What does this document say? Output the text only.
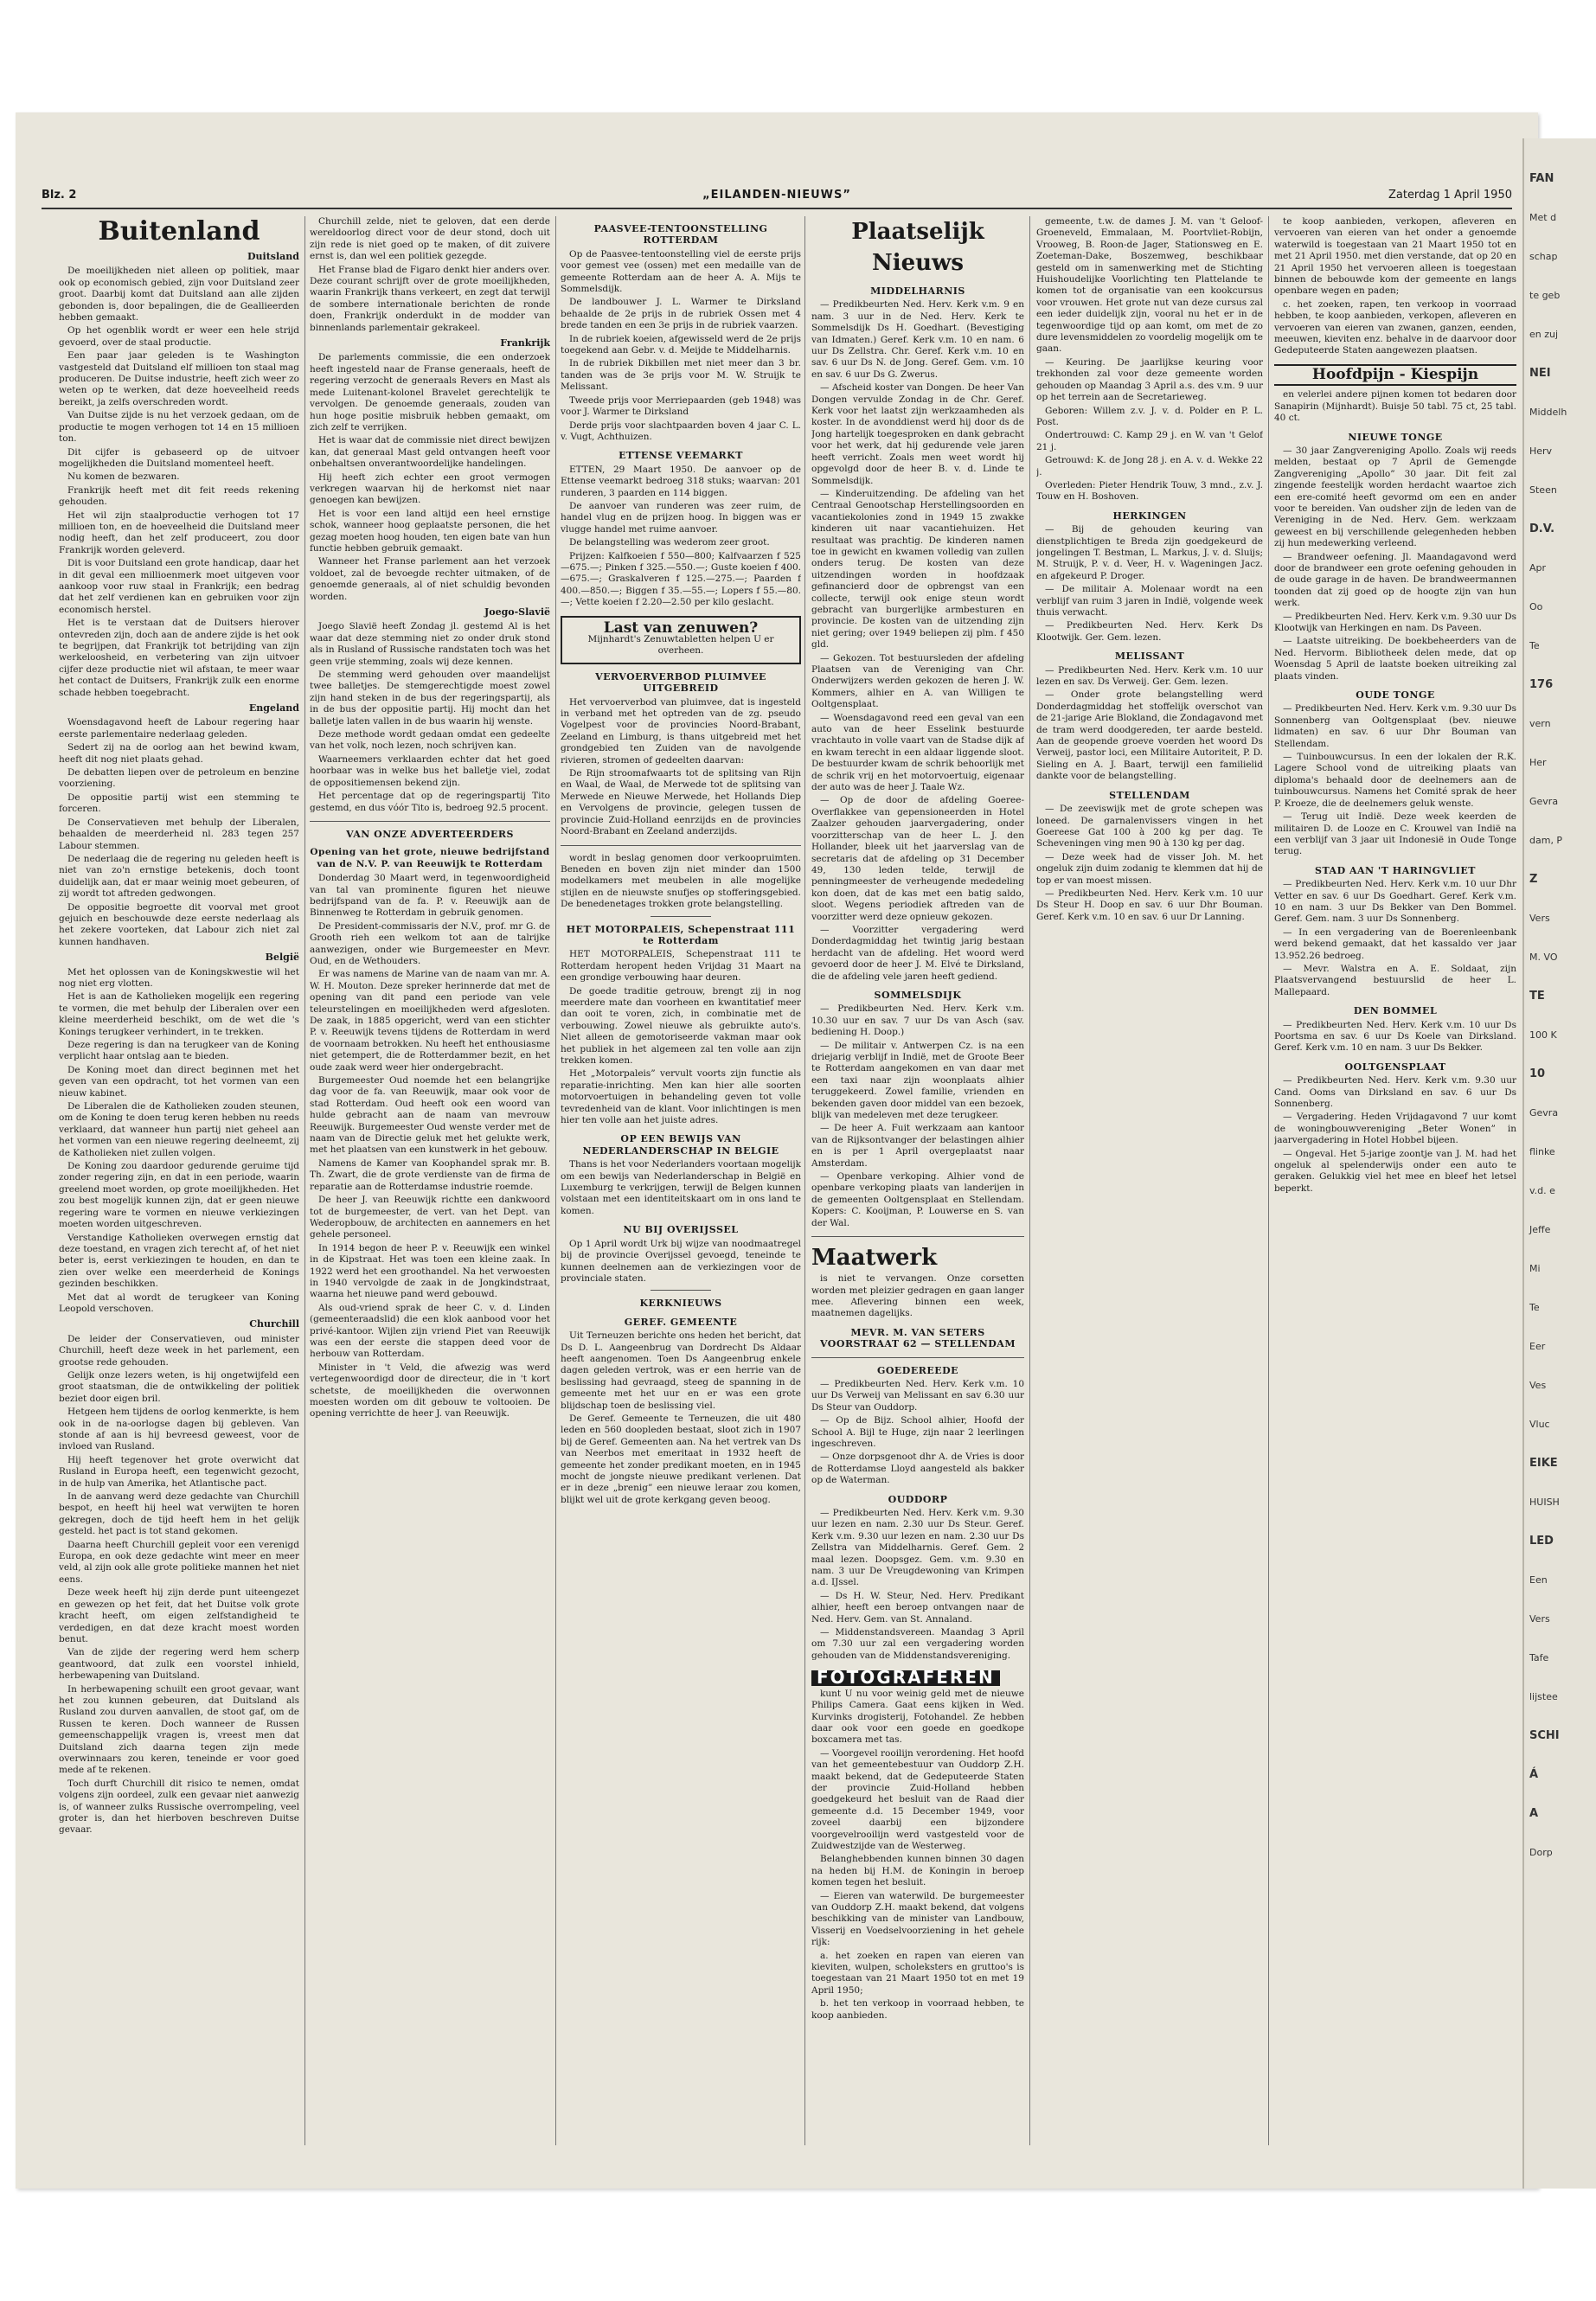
Blz. 2	„EILANDEN-NIEUWS”	Zaterdag 1 April 1950
Buitenland
Duitsland

De moeilijkheden niet alleen op politiek, maar ook op economisch gebied, zijn voor Duitsland zeer groot. Daarbij komt dat Duitsland aan alle zijden gebonden is, door bepalingen, die de Geallieerden hebben gemaakt.

Op het ogenblik wordt er weer een hele strijd gevoerd, over de staal productie.

Een paar jaar geleden is te Washington vastgesteld dat Duitsland elf millioen ton staal mag produceren. De Duitse industrie, heeft zich weer zo weten op te werken, dat deze hoeveelheid reeds bereikt, ja zelfs overschreden wordt.

Van Duitse zijde is nu het verzoek gedaan, om de productie te mogen verhogen tot 14 en 15 millioen ton.

Dit cijfer is gebaseerd op de uitvoer mogelijkheden die Duitsland momenteel heeft.

Nu komen de bezwaren.

Frankrijk heeft met dit feit reeds rekening gehouden.

Het wil zijn staalproductie verhogen tot 17 millioen ton, en de hoeveelheid die Duitsland meer nodig heeft, dan het zelf produceert, zou door Frankrijk worden geleverd.

Dit is voor Duitsland een grote handicap, daar het in dit geval een millioenmerk moet uitgeven voor aankoop voor ruw staal in Frankrijk; een bedrag dat het zelf verdienen kan en gebruiken voor zijn economisch herstel.

Het is te verstaan dat de Duitsers hierover ontevreden zijn, doch aan de andere zijde is het ook te begrijpen, dat Frankrijk tot betrijding van zijn werkeloosheid, en verbetering van zijn uitvoer cijfer deze productie niet wil afstaan, te meer waar het contact de Duitsers, Frankrijk zulk een enorme schade hebben toegebracht.

Engeland

Woensdagavond heeft de Labour regering haar eerste parlementaire nederlaag geleden.

Sedert zij na de oorlog aan het bewind kwam, heeft dit nog niet plaats gehad.

De debatten liepen over de petroleum en benzine voorziening.

De oppositie partij wist een stemming te forceren.

De Conservatieven met behulp der Liberalen, behaalden de meerderheid nl. 283 tegen 257 Labour stemmen.

De nederlaag die de regering nu geleden heeft is niet van zo'n ernstige betekenis, doch toont duidelijk aan, dat er maar weinig moet gebeuren, of zij wordt tot aftreden gedwongen.

De oppositie begroette dit voorval met groot gejuich en beschouwde deze eerste nederlaag als het zekere voorteken, dat Labour zich niet zal kunnen handhaven.

België

Met het oplossen van de Koningskwestie wil het nog niet erg vlotten.

Het is aan de Katholieken mogelijk een regering te vormen, die met behulp der Liberalen over een kleine meerderheid beschikt, om de wet die 's Konings terugkeer verhindert, in te trekken.

Deze regering is dan na terugkeer van de Koning verplicht haar ontslag aan te bieden.

De Koning moet dan direct beginnen met het geven van een opdracht, tot het vormen van een nieuw kabinet.

De Liberalen die de Katholieken zouden steunen, om de Koning te doen terug keren hebben nu reeds verklaard, dat wanneer hun partij niet geheel aan het vormen van een nieuwe regering deelneemt, zij de Katholieken niet zullen volgen.

De Koning zou daardoor gedurende geruime tijd zonder regering zijn, en dat in een periode, waarin greelend moet worden, op grote moeilijkheden. Het zou best mogelijk kunnen zijn, dat er geen nieuwe regering ware te vormen en nieuwe verkiezingen moeten worden uitgeschreven.

Verstandige Katholieken overwegen ernstig dat deze toestand, en vragen zich terecht af, of het niet beter is, eerst verkiezingen te houden, en dan te zien over welke een meerderheid de Konings gezinden beschikken.

Met dat al wordt de terugkeer van Koning Leopold verschoven.

Churchill

De leider der Conservatieven, oud minister Churchill, heeft deze week in het parlement, een grootse rede gehouden.

Gelijk onze lezers weten, is hij ongetwijfeld een groot staatsman, die de ontwikkeling der politiek beziet door eigen bril.

Hetgeen hem tijdens de oorlog kenmerkte, is hem ook in de na-oorlogse dagen bij gebleven. Van stonde af aan is hij bevreesd geweest, voor de invloed van Rusland.

Hij heeft tegenover het grote overwicht dat Rusland in Europa heeft, een tegenwicht gezocht, in de hulp van Amerika, het Atlantische pact.

In de aanvang werd deze gedachte van Churchill bespot, en heeft hij heel wat verwijten te horen gekregen, doch de tijd heeft hem in het gelijk gesteld. het pact is tot stand gekomen.

Daarna heeft Churchill gepleit voor een verenigd Europa, en ook deze gedachte wint meer en meer veld, al zijn ook alle grote politieke mannen het niet eens.

Deze week heeft hij zijn derde punt uiteengezet en gewezen op het feit, dat het Duitse volk grote kracht heeft, om eigen zelfstandigheid te verdedigen, en dat deze kracht moest worden benut.

Van de zijde der regering werd hem scherp geantwoord, dat zulk een voorstel inhield, herbewapening van Duitsland.

In herbewapening schuilt een groot gevaar, want het zou kunnen gebeuren, dat Duitsland als Rusland zou durven aanvallen, de stoot gaf, om de Russen te keren. Doch wanneer de Russen gemeenschappelijk vragen is, vreest men dat Duitsland zich daarna tegen zijn mede overwinnaars zou keren, teneinde er voor goed mede af te rekenen.

Toch durft Churchill dit risico te nemen, omdat volgens zijn oordeel, zulk een gevaar niet aanwezig is, of wanneer zulks Russische overrompeling, veel groter is, dan het hierboven beschreven Duitse gevaar.

Churchill zelde, niet te geloven, dat een derde wereldoorlog direct voor de deur stond, doch uit zijn rede is niet goed op te maken, of dit zuivere ernst is, dan wel een politiek gezegde.

Het Franse blad de Figaro denkt hier anders over. Deze courant schrijft over de grote moeilijkheden, waarin Frankrijk thans verkeert, en zegt dat terwijl de sombere internationale berichten de ronde doen, Frankrijk onderdukt in de modder van binnenlands parlementair gekrakeel.

Frankrijk

De parlements commissie, die een onderzoek heeft ingesteld naar de Franse generaals, heeft de regering verzocht de generaals Revers en Mast als mede Luitenant-kolonel Bravelet gerechtelijk te vervolgen. De genoemde generaals, zouden van hun hoge positie misbruik hebben gemaakt, om zich zelf te verrijken.

Het is waar dat de commissie niet direct bewijzen kan, dat generaal Mast geld ontvangen heeft voor onbehaltsen onverantwoordelijke handelingen.

Hij heeft zich echter een groot vermogen verkregen waarvan hij de herkomst niet naar genoegen kan bewijzen.

Het is voor een land altijd een heel ernstige schok, wanneer hoog geplaatste personen, die het gezag moeten hoog houden, ten eigen bate van hun functie hebben gebruik gemaakt.

Wanneer het Franse parlement aan het verzoek voldoet, zal de bevoegde rechter uitmaken, of de genoemde generaals, al of niet schuldig bevonden worden.

Joego-Slavië

Joego Slavië heeft Zondag jl. gestemd Al is het waar dat deze stemming niet zo onder druk stond als in Rusland of Russische randstaten toch was het geen vrije stemming, zoals wij deze kennen.

De stemming werd gehouden over maandelijst twee balletjes. De stemgerechtigde moest zowel zijn hand steken in de bus der regeringspartij, als in de bus der oppositie partij. Hij mocht dan het balletje laten vallen in de bus waarin hij wenste.

Deze methode wordt gedaan omdat een gedeelte van het volk, noch lezen, noch schrijven kan.

Waarneemers verklaarden echter dat het goed hoorbaar was in welke bus het balletje viel, zodat de oppositiemensen bekend zijn.

Het percentage dat op de regeringspartij Tito gestemd, en dus vóór Tito is, bedroeg 92.5 procent.

VAN ONZE ADVERTEERDERS
Opening van het grote, nieuwe bedrijfstand van de N.V. P. van Reeuwijk te Rotterdam

Donderdag 30 Maart werd, in tegenwoordigheid van tal van prominente figuren het nieuwe bedrijfspand van de fa. P. v. Reeuwijk aan de Binnenweg te Rotterdam in gebruik genomen.

De President-commissaris der N.V., prof. mr G. de Grooth rieh een welkom tot aan de talrijke aanwezigen, onder wie Burgemeester en Mevr. Oud, en de Wethouders.

Er was namens de Marine van de naam van mr. A. W. H. Mouton. Deze spreker herinnerde dat met de opening van dit pand een periode van vele teleurstelingen en moeilijkheden werd afgesloten. De zaak, in 1885 opgericht, werd van een stichter P. v. Reeuwijk tevens tijdens de Rotterdam in werd de voornaam betrokken. Nu heeft het enthousiasme niet getempert, die de Rotterdammer bezit, en het oude zaak werd weer hier ondergebracht.

Burgemeester Oud noemde het een belangrijke dag voor de fa. van Reeuwijk, maar ook voor de stad Rotterdam. Oud heeft ook een woord van hulde gebracht aan de naam van mevrouw Reeuwijk. Burgemeester Oud wenste verder met de naam van de Directie geluk met het gelukte werk, met het plaatsen van een kunstwerk in het gebouw.

Namens de Kamer van Koophandel sprak mr. B. Th. Zwart, die de grote verdienste van de firma de reparatie aan de Rotterdamse industrie roemde.

De heer J. van Reeuwijk richtte een dankwoord tot de burgemeester, de vert. van het Dept. van Wederopbouw, de architecten en aannemers en het gehele personeel.

In 1914 begon de heer P. v. Reeuwijk een winkel in de Kipstraat. Het was toen een kleine zaak. In 1922 werd het een groothandel. Na het verwoesten in 1940 vervolgde de zaak in de Jongkindstraat, waarna het nieuwe pand werd gebouwd.

Als oud-vriend sprak de heer C. v. d. Linden (gemeenteraadslid) die een klok aanbood voor het privé-kantoor. Wijlen zijn vriend Piet van Reeuwijk was een der eerste die stappen deed voor de herbouw van Rotterdam.

Minister in 't Veld, die afwezig was werd vertegenwoordigd door de directeur, die in 't kort schetste, de moeilijkheden die overwonnen moesten worden om dit gebouw te voltooien. De opening verrichtte de heer J. van Reeuwijk.

PAASVEE-TENTOONSTELLING ROTTERDAM

Op de Paasvee-tentoonstelling viel de eerste prijs voor gemest vee (ossen) met een medaille van de gemeente Rotterdam aan de heer A. A. Mijs te Sommelsdijk.

De landbouwer J. L. Warmer te Dirksland behaalde de 2e prijs in de rubriek Ossen met 4 brede tanden en een 3e prijs in de rubriek vaarzen.

In de rubriek koeien, afgewisseld werd de 2e prijs toegekend aan Gebr. v. d. Meijde te Middelharnis.

In de rubriek Dikbillen met niet meer dan 3 br. tanden was de 3e prijs voor M. W. Struijk te Melissant.

Tweede prijs voor Merriepaarden (geb 1948) was voor J. Warmer te Dirksland

Derde prijs voor slachtpaarden boven 4 jaar C. L. v. Vugt, Achthuizen.

ETTENSE VEEMARKT

ETTEN, 29 Maart 1950. De aanvoer op de Ettense veemarkt bedroeg 318 stuks; waarvan: 201 runderen, 3 paarden en 114 biggen.

De aanvoer van runderen was zeer ruim, de handel vlug en de prijzen hoog. In biggen was er vlugge handel met ruime aanvoer.

De belangstelling was wederom zeer groot.

Prijzen: Kalfkoeien f 550—800; Kalfvaarzen f 525—675.—; Pinken f 325.—550.—; Guste koeien f 400.—675.—; Graskalveren f 125.—275.—; Paarden f 400.—850.—; Biggen f 35.—55.—; Lopers f 55.—80.—; Vette koeien f 2.20—2.50 per kilo geslacht.

Last van zenuwen?
Mijnhardt's Zenuwtabletten helpen U er overheen.
VERVOERVERBOD PLUIMVEE UITGEBREID

Het vervoerverbod van pluimvee, dat is ingesteld in verband met het optreden van de zg. pseudo Vogelpest voor de provincies Noord-Brabant, Zeeland en Limburg, is thans uitgebreid met het grondgebied ten Zuiden van de navolgende rivieren, stromen of gedeelten daarvan:

De Rijn stroomafwaarts tot de splitsing van Rijn en Waal, de Waal, de Merwede tot de splitsing van Merwede en Nieuwe Merwede, het Hollands Diep en Vervolgens de provincie, gelegen tussen de provincie Zuid-Holland eenrzijds en de provincies Noord-Brabant en Zeeland anderzijds.

wordt in beslag genomen door verkoopruimten. Beneden en boven zijn niet minder dan 1500 modelkamers met meubelen in alle mogelijke stijlen en de nieuwste snufjes op stofferingsgebied. De benedenetages trokken grote belangstelling.

HET MOTORPALEIS, Schepenstraat 111 te Rotterdam

HET MOTORPALEIS, Schepenstraat 111 te Rotterdam heropent heden Vrijdag 31 Maart na een grondige verbouwing haar deuren.

De goede traditie getrouw, brengt zij in nog meerdere mate dan voorheen en kwantitatief meer dan ooit te voren, zich, in combinatie met de verbouwing. Zowel nieuwe als gebruikte auto's. Niet alleen de gemotoriseerde vakman maar ook het publiek in het algemeen zal ten volle aan zijn trekken komen.

Het „Motorpaleis” vervult voorts zijn functie als reparatie-inrichting. Men kan hier alle soorten motorvoertuigen in behandeling geven tot volle tevredenheid van de klant. Voor inlichtingen is men hier ten volle aan het juiste adres.

OP EEN BEWIJS VAN NEDERLANDERSCHAP IN BELGIE

Thans is het voor Nederlanders voortaan mogelijk om een bewijs van Nederlanderschap in België en Luxemburg te verkrijgen, terwijl de Belgen kunnen volstaan met een identiteitskaart om in ons land te komen.

NU BIJ OVERIJSSEL

Op 1 April wordt Urk bij wijze van noodmaatregel bij de provincie Overijssel gevoegd, teneinde te kunnen deelnemen aan de verkiezingen voor de provinciale staten.

KERKNIEUWS
GEREF. GEMEENTE

Uit Terneuzen berichte ons heden het bericht, dat Ds D. L. Aangeenbrug van Dordrecht Ds Aldaar heeft aangenomen. Toen Ds Aangeenbrug enkele dagen geleden vertrok, was er een herrie van de beslissing had gevraagd, steeg de spanning in de gemeente met het uur en er was een grote blijdschap toen de beslissing viel.

De Geref. Gemeente te Terneuzen, die uit 480 leden en 560 doopleden bestaat, sloot zich in 1907 bij de Geref. Gemeenten aan. Na het vertrek van Ds van Neerbos met emeritaat in 1932 heeft de gemeente het zonder predikant moeten, en in 1945 mocht de jongste nieuwe predikant verlenen. Dat er in deze „brenig” een nieuwe leraar zou komen, blijkt wel uit de grote kerkgang geven beoog.

Plaatselijk Nieuws
MIDDELHARNIS

— Predikbeurten Ned. Herv. Kerk v.m. 9 en nam. 3 uur in de Ned. Herv. Kerk te Sommelsdijk Ds H. Goedhart. (Bevestiging van Idmaten.) Geref. Kerk v.m. 10 en nam. 6 uur Ds Zellstra. Chr. Geref. Kerk v.m. 10 en sav. 6 uur Ds N. de Jong. Geref. Gem. v.m. 10 en sav. 6 uur Ds G. Zwerus.

— Afscheid koster van Dongen. De heer Van Dongen vervulde Zondag in de Chr. Geref. Kerk voor het laatst zijn werkzaamheden als koster. In de avonddienst werd hij door ds de Jong hartelijk toegesproken en dank gebracht voor het werk, dat hij gedurende vele jaren heeft verricht. Zoals men weet wordt hij opgevolgd door de heer B. v. d. Linde te Sommelsdijk.

— Kinderuitzending. De afdeling van het Centraal Genootschap Herstellingsoorden en vacantiekolonies zond in 1949 15 zwakke kinderen uit naar vacantiehuizen. Het resultaat was prachtig. De kinderen namen toe in gewicht en kwamen volledig van zullen onders terug. De kosten van deze uitzendingen worden in hoofdzaak gefinancierd door de opbrengst van een collecte, terwijl ook enige steun wordt gebracht van burgerlijke armbesturen en provincie. De kosten van de uitzending zijn niet gering; over 1949 beliepen zij plm. f 450 gld.

— Gekozen. Tot bestuursleden der afdeling Plaatsen van de Vereniging van Chr. Onderwijzers werden gekozen de heren J. W. Kommers, alhier en A. van Willigen te Ooltgensplaat.

— Woensdagavond reed een geval van een auto van de heer Esselink bestuurde vrachtauto in volle vaart van de Stadse dijk af en kwam terecht in een aldaar liggende sloot. De bestuurder kwam de schrik behoorlijk met de schrik vrij en het motorvoertuig, eigenaar der auto was de heer J. Taale Wz.

— Op de door de afdeling Goeree-Overflakkee van gepensioneerden in Hotel Zaalzer gehouden jaarvergadering, onder voorzitterschap van de heer L. J. den Hollander, bleek uit het jaarverslag van de secretaris dat de afdeling op 31 December 49, 130 leden telde, terwijl de penningmeester de verheugende mededeling kon doen, dat de kas met een batig saldo, sloot. Wegens periodiek aftreden van de voorzitter werd deze opnieuw gekozen.

— Voorzitter vergadering werd Donderdagmiddag het twintig jarig bestaan herdacht van de afdeling. Het woord werd gevoerd door de heer J. M. Elvé te Dirksland, die de afdeling vele jaren heeft gediend.

SOMMELSDIJK

— Predikbeurten Ned. Herv. Kerk v.m. 10.30 uur en sav. 7 uur Ds van Asch (sav. bediening H. Doop.)

— De militair v. Antwerpen Cz. is na een driejarig verblijf in Indië, met de Groote Beer te Rotterdam aangekomen en van daar met een taxi naar zijn woonplaats alhier teruggekeerd. Zowel familie, vrienden en bekenden gaven door middel van een bezoek, blijk van medeleven met deze terugkeer.

— De heer A. Fuit werkzaam aan kantoor van de Rijksontvanger der belastingen alhier en is per 1 April overgeplaatst naar Amsterdam.

— Openbare verkoping. Alhier vond de openbare verkoping plaats van landerijen in de gemeenten Ooltgensplaat en Stellendam. Kopers: C. Kooijman, P. Louwerse en S. van der Wal.

Maatwerk

is niet te vervangen. Onze corsetten worden met pleizier gedragen en gaan langer mee. Aflevering binnen een week, maatnemen dagelijks.

MEVR. M. VAN SETERS VOORSTRAAT 62 — STELLENDAM
GOEDEREEDE

— Predikbeurten Ned. Herv. Kerk v.m. 10 uur Ds Verweij van Melissant en sav 6.30 uur Ds Steur van Ouddorp.

— Op de Bijz. School alhier, Hoofd der School A. Bijl te Huge, zijn naar 2 leerlingen ingeschreven.

— Onze dorpsgenoot dhr A. de Vries is door de Rotterdamse Lloyd aangesteld als bakker op de Waterman.

OUDDORP

— Predikbeurten Ned. Herv. Kerk v.m. 9.30 uur lezen en nam. 2.30 uur Ds Steur. Geref. Kerk v.m. 9.30 uur lezen en nam. 2.30 uur Ds Zellstra van Middelharnis. Geref. Gem. 2 maal lezen. Doopsgez. Gem. v.m. 9.30 en nam. 3 uur De Vreugdewoning van Krimpen a.d. IJssel.

— Ds H. W. Steur, Ned. Herv. Predikant alhier, heeft een beroep ontvangen naar de Ned. Herv. Gem. van St. Annaland.

— Middenstandsvereen. Maandag 3 April om 7.30 uur zal een vergadering worden gehouden van de Middenstandsvereniging.

FOTOGRAFEREN

kunt U nu voor weinig geld met de nieuwe Philips Camera. Gaat eens kijken in Wed. Kurvinks drogisterij, Fotohandel. Ze hebben daar ook voor een goede en goedkope boxcamera met tas.

— Voorgevel rooilijn verordening. Het hoofd van het gemeentebestuur van Ouddorp Z.H. maakt bekend, dat de Gedeputeerde Staten der provincie Zuid-Holland hebben goedgekeurd het besluit van de Raad dier gemeente d.d. 15 December 1949, voor zoveel daarbij een bijzondere voorgevelrooilijn werd vastgesteld voor de Zuidwestzijde van de Westerweg.

Belanghebbenden kunnen binnen 30 dagen na heden bij H.M. de Koningin in beroep komen tegen het besluit.

— Eieren van waterwild. De burgemeester van Ouddorp Z.H. maakt bekend, dat volgens beschikking van de minister van Landbouw, Visserij en Voedselvoorziening in het gehele rijk:

a. het zoeken en rapen van eieren van kieviten, wulpen, scholeksters en gruttoo's is toegestaan van 21 Maart 1950 tot en met 19 April 1950;

b. het ten verkoop in voorraad hebben, te koop aanbieden.

gemeente, t.w. de dames J. M. van 't Geloof-Groeneveld, Emmalaan, M. Poortvliet-Robijn, Vrooweg, B. Roon-de Jager, Stationsweg en E. Zoeteman-Dake, Boszemweg, beschikbaar gesteld om in samenwerking met de Stichting Huishoudelijke Voorlichting ten Plattelande te komen tot de organisatie van een kookcursus voor vrouwen. Het grote nut van deze cursus zal een ieder duidelijk zijn, vooral nu het er in de tegenwoordige tijd op aan komt, om met de zo dure levensmiddelen zo voordelig mogelijk om te gaan.

— Keuring. De jaarlijkse keuring voor trekhonden zal voor deze gemeente worden gehouden op Maandag 3 April a.s. des v.m. 9 uur op het terrein aan de Secretarieweg.

Geboren: Willem z.v. J. v. d. Polder en P. L. Post.

Ondertrouwd: C. Kamp 29 j. en W. van 't Gelof 21 j.

Getrouwd: K. de Jong 28 j. en A. v. d. Wekke 22 j.

Overleden: Pieter Hendrik Touw, 3 mnd., z.v. J. Touw en H. Boshoven.

HERKINGEN

— Bij de gehouden keuring van dienstplichtigen te Breda zijn goedgekeurd de jongelingen T. Bestman, L. Markus, J. v. d. Sluijs; M. Struijk, P. v. d. Veer, H. v. Wageningen Jacz. en afgekeurd P. Droger.

— De militair A. Molenaar wordt na een verblijf van ruim 3 jaren in Indië, volgende week thuis verwacht.

— Predikbeurten Ned. Herv. Kerk Ds Klootwijk. Ger. Gem. lezen.

MELISSANT

— Predikbeurten Ned. Herv. Kerk v.m. 10 uur lezen en sav. Ds Verweij. Ger. Gem. lezen.

— Onder grote belangstelling werd Donderdagmiddag het stoffelijk overschot van de 21-jarige Arie Blokland, die Zondagavond met de tram werd doodgereden, ter aarde besteld. Aan de geopende groeve voerden het woord Ds Verweij, pastor loci, een Militaire Autoriteit, P. D. Sieling en A. J. Baart, terwijl een familielid dankte voor de belangstelling.

STELLENDAM

— De zeeviswijk met de grote schepen was loneed. De garnalenvissers vingen in het Goereese Gat 100 à 200 kg per dag. Te Scheveningen ving men 90 à 130 kg per dag.

— Deze week had de visser Joh. M. het ongeluk zijn duim zodanig te klemmen dat hij de top er van moest missen.

— Predikbeurten Ned. Herv. Kerk v.m. 10 uur Ds Steur H. Doop en sav. 6 uur Dhr Bouman. Geref. Kerk v.m. 10 en sav. 6 uur Dr Lanning.

te koop aanbieden, verkopen, afleveren en vervoeren van eieren van het onder a genoemde waterwild is toegestaan van 21 Maart 1950 tot en met 21 April 1950. met dien verstande, dat op 20 en 21 April 1950 het vervoeren alleen is toegestaan binnen de bebouwde kom der gemeente en langs openbare wegen en paden;

c. het zoeken, rapen, ten verkoop in voorraad hebben, te koop aanbieden, verkopen, afleveren en vervoeren van eieren van zwanen, ganzen, eenden, meeuwen, kieviten enz. behalve in de daarvoor door Gedeputeerde Staten aangewezen plaatsen.

Hoofdpijn - Kiespijn

en velerlei andere pijnen komen tot bedaren door Sanapirin (Mijnhardt). Buisje 50 tabl. 75 ct, 25 tabl. 40 ct.

NIEUWE TONGE

— 30 jaar Zangvereniging Apollo. Zoals wij reeds melden, bestaat op 7 April de Gemengde Zangvereniging „Apollo” 30 jaar. Dit feit zal zingende feestelijk worden herdacht waartoe zich een ere-comité heeft gevormd om een en ander voor te bereiden. Van oudsher zijn de leden van de Vereniging in de Ned. Herv. Gem. werkzaam geweest en bij verschillende gelegenheden hebben zij hun medewerking verleend.

— Brandweer oefening. Jl. Maandagavond werd door de brandweer een grote oefening gehouden in de oude garage in de haven. De brandweermannen toonden dat zij goed op de hoogte zijn van hun werk.

— Predikbeurten Ned. Herv. Kerk v.m. 9.30 uur Ds Klootwijk van Herkingen en nam. Ds Paveen.

— Laatste uitreiking. De boekbeheerders van de Ned. Hervorm. Bibliotheek delen mede, dat op Woensdag 5 April de laatste boeken uitreiking zal plaats vinden.

OUDE TONGE

— Predikbeurten Ned. Herv. Kerk v.m. 9.30 uur Ds Sonnenberg van Ooltgensplaat (bev. nieuwe lidmaten) en sav. 6 uur Dhr Bouman van Stellendam.

— Tuinbouwcursus. In een der lokalen der R.K. Lagere School vond de uitreiking plaats van diploma's behaald door de deelnemers aan de tuinbouwcursus. Namens het Comité sprak de heer P. Kroeze, die de deelnemers geluk wenste.

— Terug uit Indië. Deze week keerden de militairen D. de Looze en C. Krouwel van Indië na een verblijf van 3 jaar uit Indonesië in Oude Tonge terug.

STAD AAN 'T HARINGVLIET

— Predikbeurten Ned. Herv. Kerk v.m. 10 uur Dhr Vetter en sav. 6 uur Ds Goedhart. Geref. Kerk v.m. 10 en nam. 3 uur Ds Bekker van Den Bommel. Geref. Gem. nam. 3 uur Ds Sonnenberg.

— In een vergadering van de Boerenleenbank werd bekend gemaakt, dat het kassaldo ver jaar 13.952.26 bedroeg.

— Mevr. Walstra en A. E. Soldaat, zijn Plaatsvervangend bestuurslid de heer L. Mallepaard.

DEN BOMMEL

— Predikbeurten Ned. Herv. Kerk v.m. 10 uur Ds Poortsma en sav. 6 uur Ds Koele van Dirksland. Geref. Kerk v.m. 10 en nam. 3 uur Ds Bekker.

OOLTGENSPLAAT

— Predikbeurten Ned. Herv. Kerk v.m. 9.30 uur Cand. Ooms van Dirksland en sav. 6 uur Ds Sonnenberg.

— Vergadering. Heden Vrijdagavond 7 uur komt de woningbouwvereniging „Beter Wonen” in jaarvergadering in Hotel Hobbel bijeen.

— Ongeval. Het 5-jarige zoontje van J. M. had het ongeluk al spelenderwijs onder een auto te geraken. Gelukkig viel het mee en bleef het letsel beperkt.

FAN
Met d
schap
te geb
en zuj
NEI
Middelh
Herv
Steen
D.V.
Apr
Oo
Te
176
vern
Her
Gevra
dam, P
Z
Vers
M. VO
TE
100 K
10
Gevra
flinke
v.d. e
Jeffe
Mi
Te
Eer
Ves
Vluc
EIKE
HUISH
LED
Een
Vers
Tafe
lijstee
SCHI
Á
A
Dorp
